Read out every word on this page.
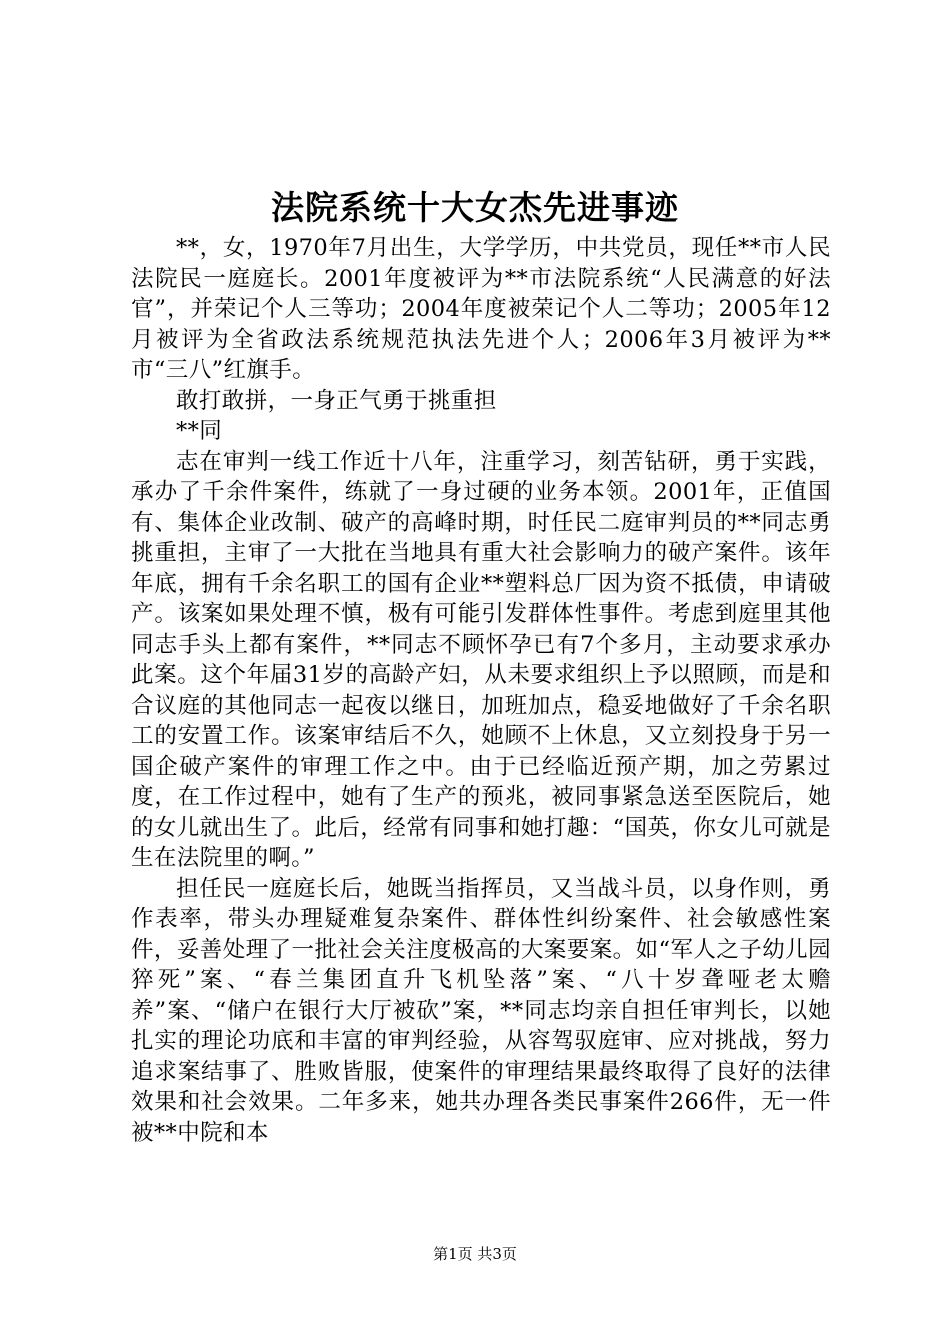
法院系统十大女杰先进事迹

**，女，1970年7月出生，大学学历，中共党员，现任**市人民法院民一庭庭长。2001年度被评为**市法院系统“人民满意的好法官”，并荣记个人三等功；2004年度被荣记个人二等功；2005年12月被评为全省政法系统规范执法先进个人；2006年3月被评为**市“三八”红旗手。

敢打敢拼，一身正气勇于挑重担

**同

志在审判一线工作近十八年，注重学习，刻苦钻研，勇于实践，承办了千余件案件，练就了一身过硬的业务本领。2001年，正值国有、集体企业改制、破产的高峰时期，时任民二庭审判员的**同志勇挑重担，主审了一大批在当地具有重大社会影响力的破产案件。该年年底，拥有千余名职工的国有企业**塑料总厂因为资不抵债，申请破产。该案如果处理不慎，极有可能引发群体性事件。考虑到庭里其他同志手头上都有案件，**同志不顾怀孕已有7个多月，主动要求承办此案。这个年届31岁的高龄产妇，从未要求组织上予以照顾，而是和合议庭的其他同志一起夜以继日，加班加点，稳妥地做好了千余名职工的安置工作。该案审结后不久，她顾不上休息，又立刻投身于另一国企破产案件的审理工作之中。由于已经临近预产期，加之劳累过度，在工作过程中，她有了生产的预兆，被同事紧急送至医院后，她的女儿就出生了。此后，经常有同事和她打趣：“国英，你女儿可就是生在法院里的啊。”

担任民一庭庭长后，她既当指挥员，又当战斗员，以身作则，勇作表率，带头办理疑难复杂案件、群体性纠纷案件、社会敏感性案件，妥善处理了一批社会关注度极高的大案要案。如“军人之子幼儿园猝死”案、“春兰集团直升飞机坠落”案、“八十岁聋哑老太赡养”案、“储户在银行大厅被砍”案，**同志均亲自担任审判长，以她扎实的理论功底和丰富的审判经验，从容驾驭庭审、应对挑战，努力追求案结事了、胜败皆服，使案件的审理结果最终取得了良好的法律效果和社会效果。二年多来，她共办理各类民事案件266件，无一件被**中院和本

第1页 共3页
